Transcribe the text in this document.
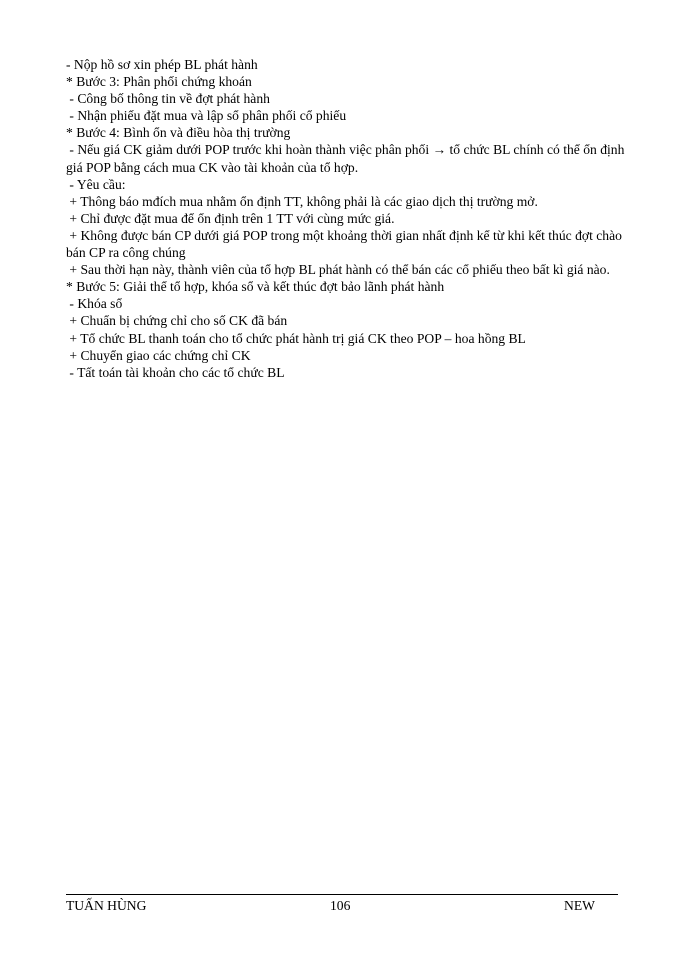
- Nộp hồ sơ xin phép BL phát hành
* Bước 3: Phân phối chứng khoán
- Công bố thông tin về đợt phát hành
- Nhận phiếu đặt mua và lập sổ phân phối cổ phiếu
* Bước 4: Bình ổn và điều hòa thị trường
- Nếu giá CK giảm dưới POP trước khi hoàn thành việc phân phối → tổ chức BL chính có thể ổn định giá POP bằng cách mua CK vào tài khoản của tổ hợp.
- Yêu cầu:
+ Thông báo mđích mua nhằm ổn định TT, không phải là các giao dịch thị trường mở.
+ Chỉ được đặt mua để ổn định trên 1 TT với cùng mức giá.
+ Không được bán CP dưới giá POP trong một khoảng thời gian nhất định kể từ khi kết thúc đợt chào bán CP ra công chúng
+ Sau thời hạn này, thành viên của tổ hợp BL phát hành có thể bán các cổ phiếu theo bất kì giá nào.
* Bước 5: Giải thể tổ hợp, khóa sổ và kết thúc đợt bảo lãnh phát hành
- Khóa sổ
+ Chuẩn bị chứng chỉ cho số CK đã bán
+ Tổ chức BL thanh toán cho tổ chức phát hành trị giá CK theo POP – hoa hồng BL
+ Chuyển giao các chứng chỉ CK
- Tất toán tài khoản cho các tổ chức BL
TUẤN HÙNG	106	NEW
